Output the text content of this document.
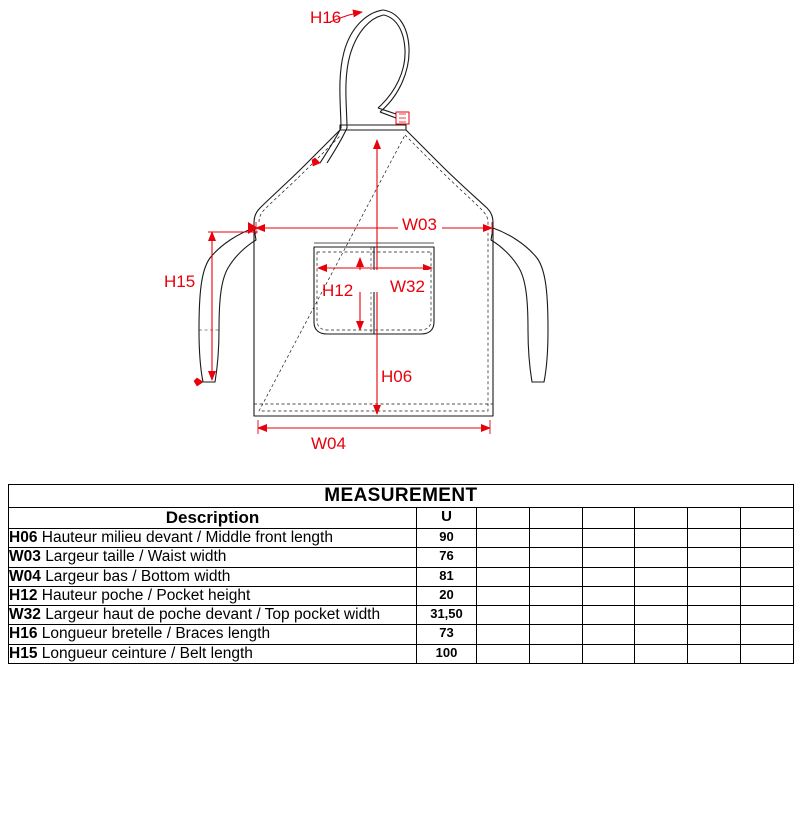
H16
W03
H15	H12 W32
H06
W04
MEASUREMENT							
Description	U						
H06 Hauteur milieu devant / Middle front length	90						
W03 Largeur taille / Waist width	76						
W04 Largeur bas / Bottom width	81						
H12 Hauteur poche / Pocket height	20						
W32 Largeur haut de poche devant / Top pocket width	31,50						
H16 Longueur bretelle / Braces length	73						
H15 Longueur ceinture / Belt length	100						
